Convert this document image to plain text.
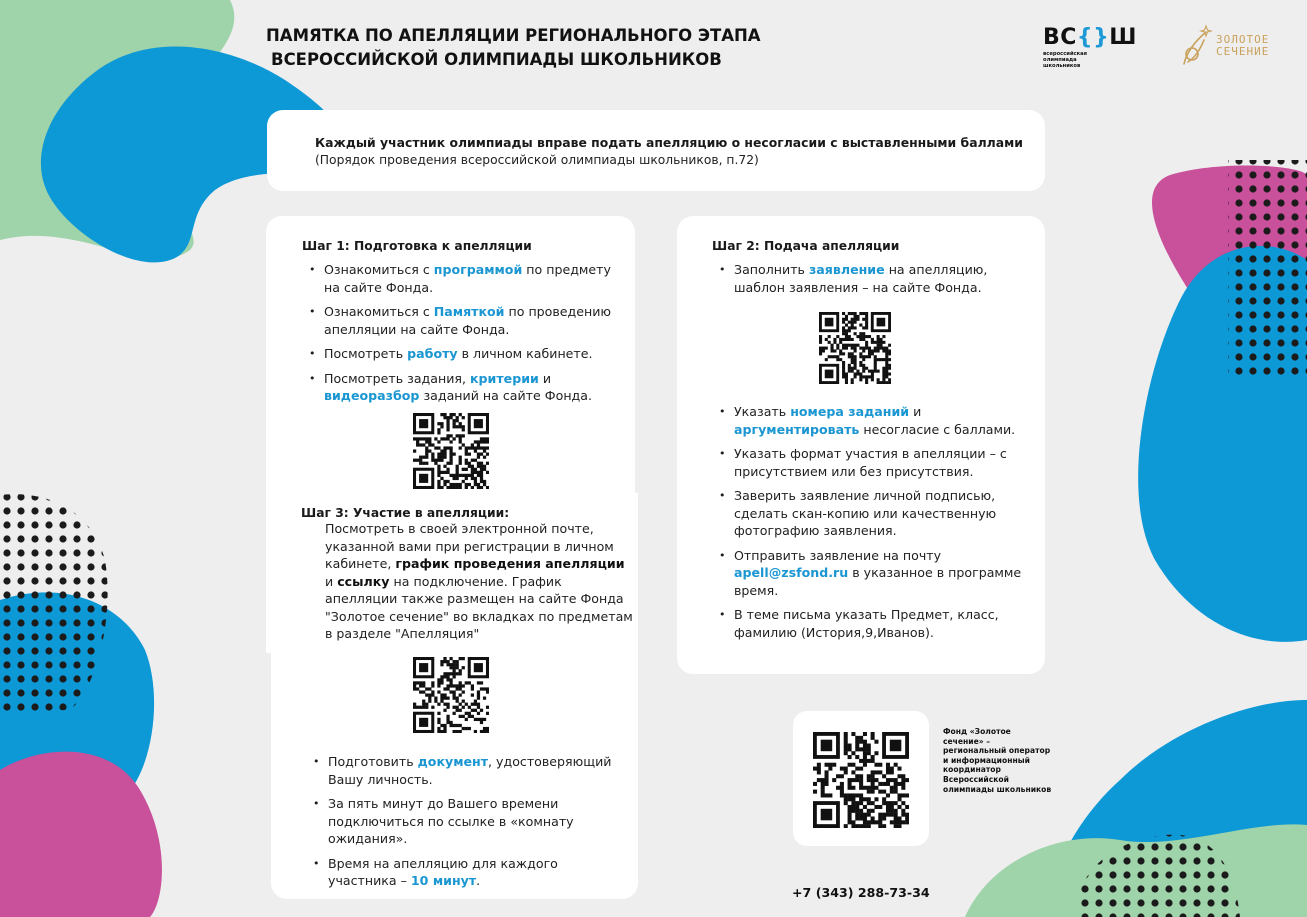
ПАМЯТКА ПО АПЕЛЛЯЦИИ РЕГИОНАЛЬНОГО ЭТАПА
ВСЕРОССИЙСКОЙ ОЛИМПИАДЫ ШКОЛЬНИКОВ
ВС{}Ш
всероссийская олимпиада школьников
ЗОЛОТОЕ
СЕЧЕНИЕ

Каждый участник олимпиады вправе подать апелляцию о несогласии с выставленными баллами

(Порядок проведения всероссийской олимпиады школьников, п.72)

Шаг 1: Подготовка к апелляции
• Ознакомиться с программой по предмету на сайте Фонда.
• Ознакомиться с Памяткой по проведению апелляции на сайте Фонда.
• Посмотреть работу в личном кабинете.
• Посмотреть задания, критерии и видеоразбор заданий на сайте Фонда.
Шаг 3: Участие в апелляции:
• Подготовить документ, удостоверяющий Вашу личность.
• За пять минут до Вашего времени подключиться по ссылке в «комнату ожидания».
• Время на апелляцию для каждого участника – 10 минут.
Посмотреть в своей электронной почте, указанной вами при регистрации в личном кабинете, график проведения апелляции и ссылку на подключение. График апелляции также размещен на сайте Фонда "Золотое сечение" во вкладках по предметам в разделе "Апелляция"
Шаг 2: Подача апелляции
• Заполнить заявление на апелляцию, шаблон заявления – на сайте Фонда.
• Указать номера заданий и аргументировать несогласие с баллами.
• Указать формат участия в апелляции – с присутствием или без присутствия.
• Заверить заявление личной подписью, сделать скан-копию или качественную фотографию заявления.
• Отправить заявление на почту apell@zsfond.ru в указанное в программе время.
• В теме письма указать Предмет, класс, фамилию (История,9,Иванов).
Фонд «Золотое сечение» – региональный оператор и информационный координатор Всероссийской олимпиады школьников
+7 (343) 288-73-34
